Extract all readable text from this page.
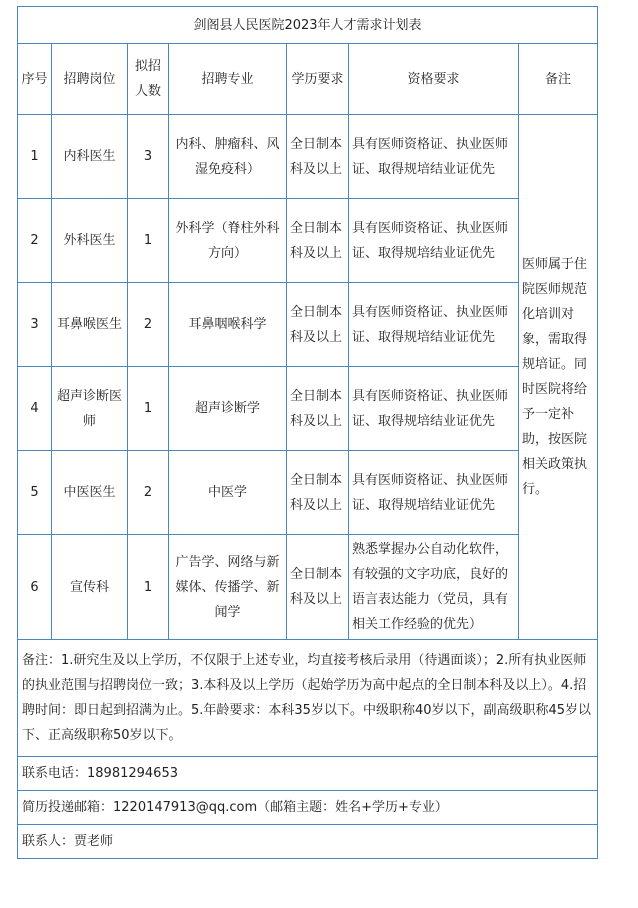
剑阁县人民医院2023年人才需求计划表						
序号	招聘岗位	拟招人数	招聘专业	学历要求	资格要求	备注
1	内科医生	3	内科、肿瘤科、风湿免疫科）	全日制本科及以上	具有医师资格证、执业医师证、取得规培结业证优先	医师属于住院医师规范化培训对象，需取得规培证。同时医院将给予一定补助，按医院相关政策执行。
2	外科医生	1	外科学（脊柱外科方向）	全日制本科及以上	具有医师资格证、执业医师证、取得规培结业证优先	
3	耳鼻喉医生	2	耳鼻咽喉科学	全日制本科及以上	具有医师资格证、执业医师证、取得规培结业证优先	
4	超声诊断医师	1	超声诊断学	全日制本科及以上	具有医师资格证、执业医师证、取得规培结业证优先	
5	中医医生	2	中医学	全日制本科及以上	具有医师资格证、执业医师证、取得规培结业证优先	
6	宣传科	1	广告学、网络与新媒体、传播学、新闻学	全日制本科及以上	熟悉掌握办公自动化软件，有较强的文字功底，良好的语言表达能力（党员，具有相关工作经验的优先）	
备注：1.研究生及以上学历，不仅限于上述专业，均直接考核后录用（待遇面谈）；2.所有执业医师的执业范围与招聘岗位一致；3.本科及以上学历（起始学历为高中起点的全日制本科及以上）。4.招聘时间：即日起到招满为止。5.年龄要求：本科35岁以下。中级职称40岁以下，副高级职称45岁以下、正高级职称50岁以下。						
联系电话：18981294653						
简历投递邮箱：1220147913@qq.com（邮箱主题：姓名+学历+专业）						
联系人：贾老师						
